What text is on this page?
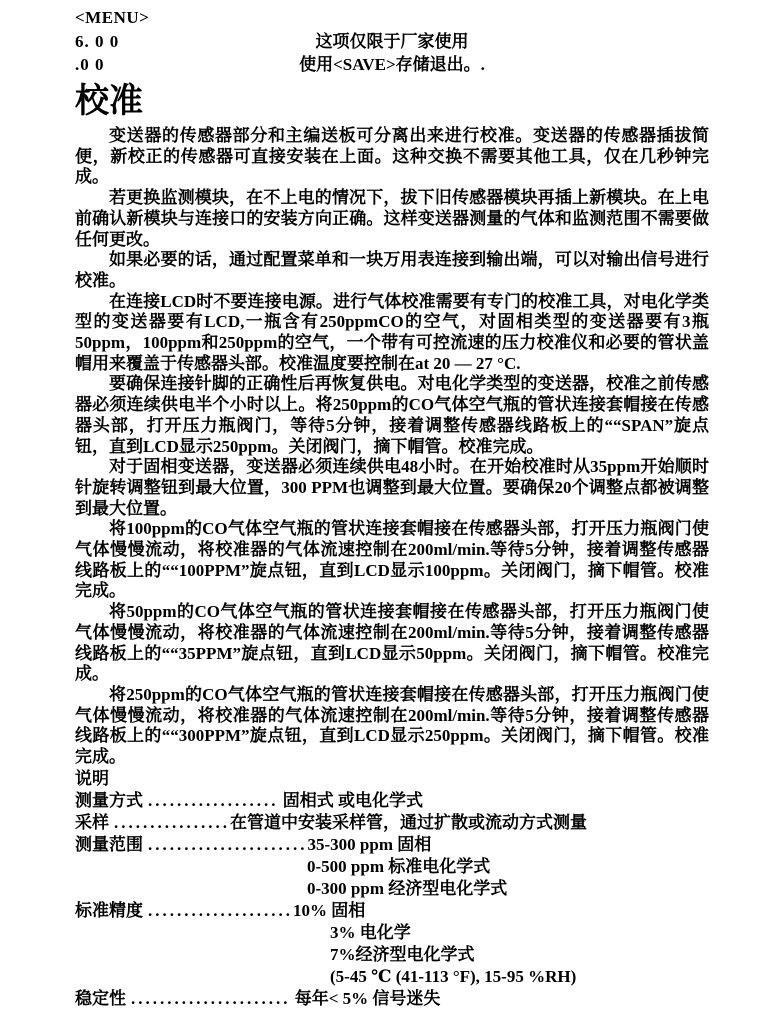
<MENU>
6. 0 0	这项仅限于厂家使用
.0 0	使用<SAVE>存储退出。.
校准

变送器的传感器部分和主编送板可分离出来进行校准。变送器的传感器插拔简便，新校正的传感器可直接安装在上面。这种交换不需要其他工具，仅在几秒钟完成。

若更换监测模块，在不上电的情况下，拔下旧传感器模块再插上新模块。在上电前确认新模块与连接口的安装方向正确。这样变送器测量的气体和监测范围不需要做任何更改。

如果必要的话，通过配置菜单和一块万用表连接到输出端，可以对输出信号进行校准。

在连接LCD时不要连接电源。进行气体校准需要有专门的校准工具，对电化学类型的变送器要有LCD,一瓶含有250ppmCO的空气，对固相类型的变送器要有3瓶50ppm，100ppm和250ppm的空气，一个带有可控流速的压力校准仪和必要的管状盖帽用来覆盖于传感器头部。校准温度要控制在at 20 — 27 °C.

要确保连接针脚的正确性后再恢复供电。对电化学类型的变送器，校准之前传感器必须连续供电半个小时以上。将250ppm的CO气体空气瓶的管状连接套帽接在传感器头部，打开压力瓶阀门，等待5分钟，接着调整传感器线路板上的““SPAN”旋点钮，直到LCD显示250ppm。关闭阀门，摘下帽管。校准完成。

对于固相变送器，变送器必须连续供电48小时。在开始校准时从35ppm开始顺时针旋转调整钮到最大位置，300 PPM也调整到最大位置。要确保20个调整点都被调整到最大位置。

将100ppm的CO气体空气瓶的管状连接套帽接在传感器头部，打开压力瓶阀门使气体慢慢流动，将校准器的气体流速控制在200ml/min.等待5分钟，接着调整传感器线路板上的““100PPM”旋点钮，直到LCD显示100ppm。关闭阀门，摘下帽管。校准完成。

将50ppm的CO气体空气瓶的管状连接套帽接在传感器头部，打开压力瓶阀门使气体慢慢流动，将校准器的气体流速控制在200ml/min.等待5分钟，接着调整传感器线路板上的““35PPM”旋点钮，直到LCD显示50ppm。关闭阀门，摘下帽管。校准完成。

将250ppm的CO气体空气瓶的管状连接套帽接在传感器头部，打开压力瓶阀门使气体慢慢流动，将校准器的气体流速控制在200ml/min.等待5分钟，接着调整传感器线路板上的““300PPM”旋点钮，直到LCD显示250ppm。关闭阀门，摘下帽管。校准完成。

说明
测量方式 .................. 固相式 或电化学式
采样 ................在管道中安装采样管，通过扩散或流动方式测量
测量范围 ......................35-300 ppm 固相
0-500 ppm 标准电化学式
0-300 ppm 经济型电化学式
标准精度 ....................10% 固相
3% 电化学
7%经济型电化学式
(5-45 ℃ (41-113 °F), 15-95 %RH)
稳定性 ...................... 每年< 5% 信号迷失
